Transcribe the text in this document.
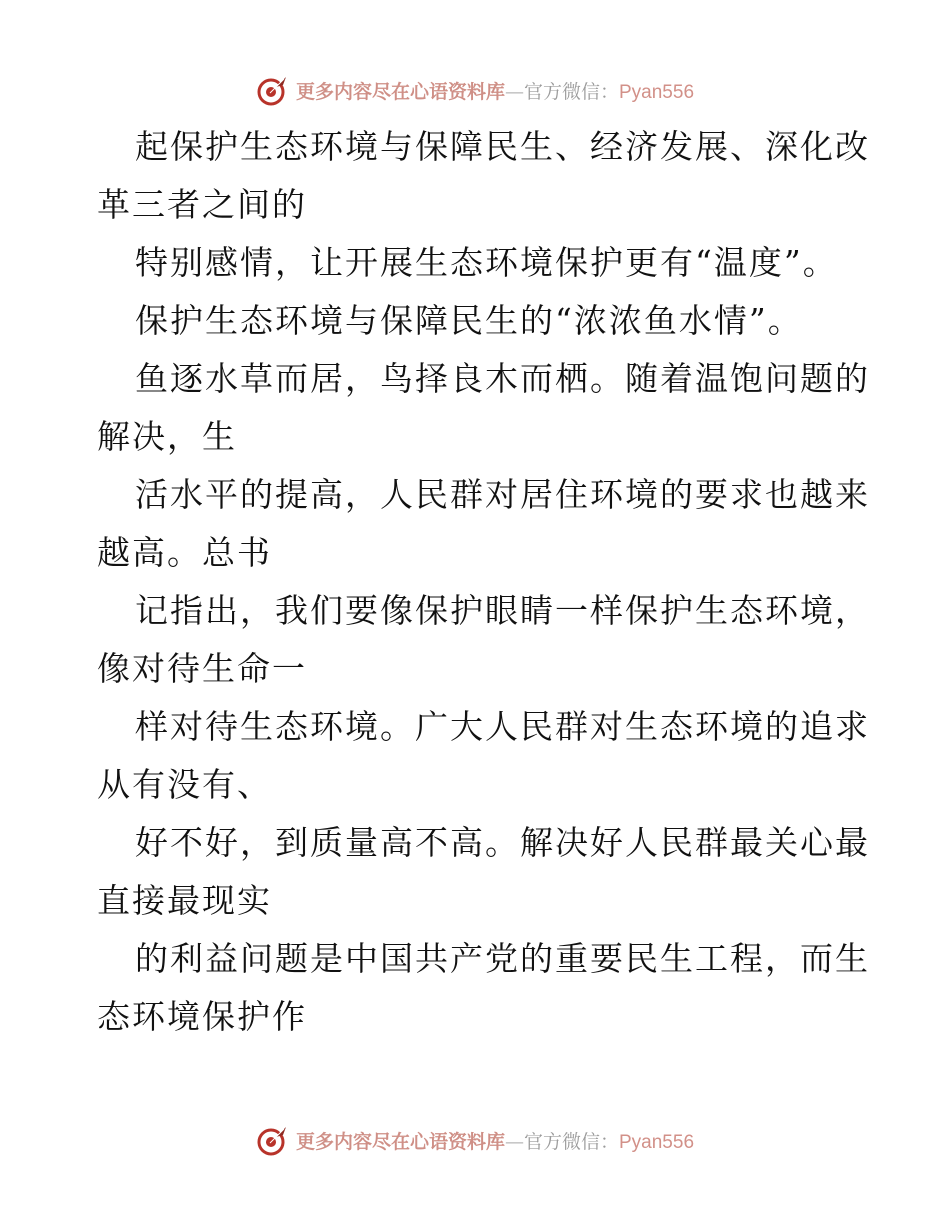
更多内容尽在心语资料库—官方微信：Pyan556
起保护生态环境与保障民生、经济发展、深化改
革三者之间的
特别感情，让开展生态环境保护更有“温度”。
保护生态环境与保障民生的“浓浓鱼水情”。
鱼逐水草而居，鸟择良木而栖。随着温饱问题的
解决，生
活水平的提高，人民群对居住环境的要求也越来
越高。总书
记指出，我们要像保护眼睛一样保护生态环境，
像对待生命一
样对待生态环境。广大人民群对生态环境的追求
从有没有、
好不好，到质量高不高。解决好人民群最关心最
直接最现实
的利益问题是中国共产党的重要民生工程，而生
态环境保护作
更多内容尽在心语资料库—官方微信：Pyan556
